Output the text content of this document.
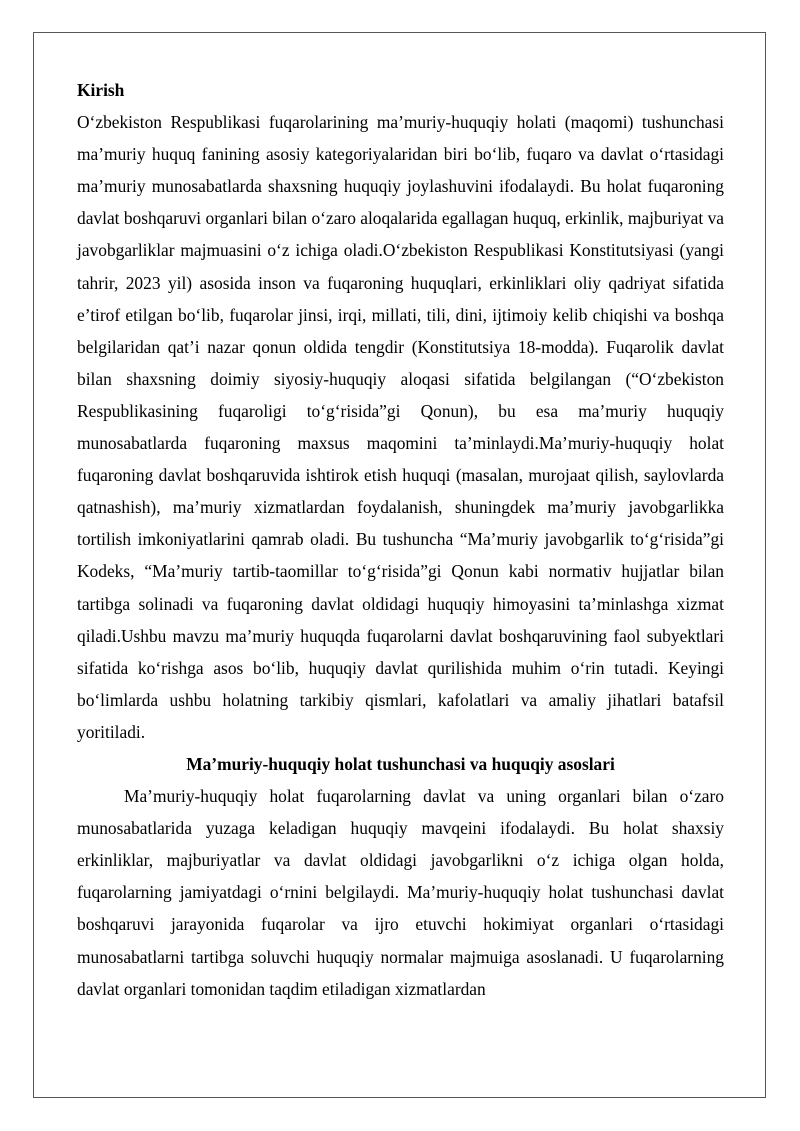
Kirish

O‘zbekiston Respublikasi fuqarolarining ma’muriy-huquqiy holati (maqomi) tushunchasi ma’muriy huquq fanining asosiy kategoriyalaridan biri bo‘lib, fuqaro va davlat o‘rtasidagi ma’muriy munosabatlarda shaxsning huquqiy joylashuvini ifodalaydi. Bu holat fuqaroning davlat boshqaruvi organlari bilan o‘zaro aloqalarida egallagan huquq, erkinlik, majburiyat va javobgarliklar majmuasini o‘z ichiga oladi.O‘zbekiston Respublikasi Konstitutsiyasi (yangi tahrir, 2023 yil) asosida inson va fuqaroning huquqlari, erkinliklari oliy qadriyat sifatida e’tirof etilgan bo‘lib, fuqarolar jinsi, irqi, millati, tili, dini, ijtimoiy kelib chiqishi va boshqa belgilaridan qat’i nazar qonun oldida tengdir (Konstitutsiya 18-modda). Fuqarolik davlat bilan shaxsning doimiy siyosiy-huquqiy aloqasi sifatida belgilangan (“O‘zbekiston Respublikasining fuqaroligi to‘g‘risida”gi Qonun), bu esa ma’muriy huquqiy munosabatlarda fuqaroning maxsus maqomini ta’minlaydi.Ma’muriy-huquqiy holat fuqaroning davlat boshqaruvida ishtirok etish huquqi (masalan, murojaat qilish, saylovlarda qatnashish), ma’muriy xizmatlardan foydalanish, shuningdek ma’muriy javobgarlikka tortilish imkoniyatlarini qamrab oladi. Bu tushuncha “Ma’muriy javobgarlik to‘g‘risida”gi Kodeks, “Ma’muriy tartib-taomillar to‘g‘risida”gi Qonun kabi normativ hujjatlar bilan tartibga solinadi va fuqaroning davlat oldidagi huquqiy himoyasini ta’minlashga xizmat qiladi.Ushbu mavzu ma’muriy huquqda fuqarolarni davlat boshqaruvining faol subyektlari sifatida ko‘rishga asos bo‘lib, huquqiy davlat qurilishida muhim o‘rin tutadi. Keyingi bo‘limlarda ushbu holatning tarkibiy qismlari, kafolatlari va amaliy jihatlari batafsil yoritiladi.

Ma’muriy-huquqiy holat tushunchasi va huquqiy asoslari

Ma’muriy-huquqiy holat fuqarolarning davlat va uning organlari bilan o‘zaro munosabatlarida yuzaga keladigan huquqiy mavqeini ifodalaydi. Bu holat shaxsiy erkinliklar, majburiyatlar va davlat oldidagi javobgarlikni o‘z ichiga olgan holda, fuqarolarning jamiyatdagi oʻrnini belgilaydi. Ma’muriy-huquqiy holat tushunchasi davlat boshqaruvi jarayonida fuqarolar va ijro etuvchi hokimiyat organlari o‘rtasidagi munosabatlarni tartibga soluvchi huquqiy normalar majmuiga asoslanadi. U fuqarolarning davlat organlari tomonidan taqdim etiladigan xizmatlardan
